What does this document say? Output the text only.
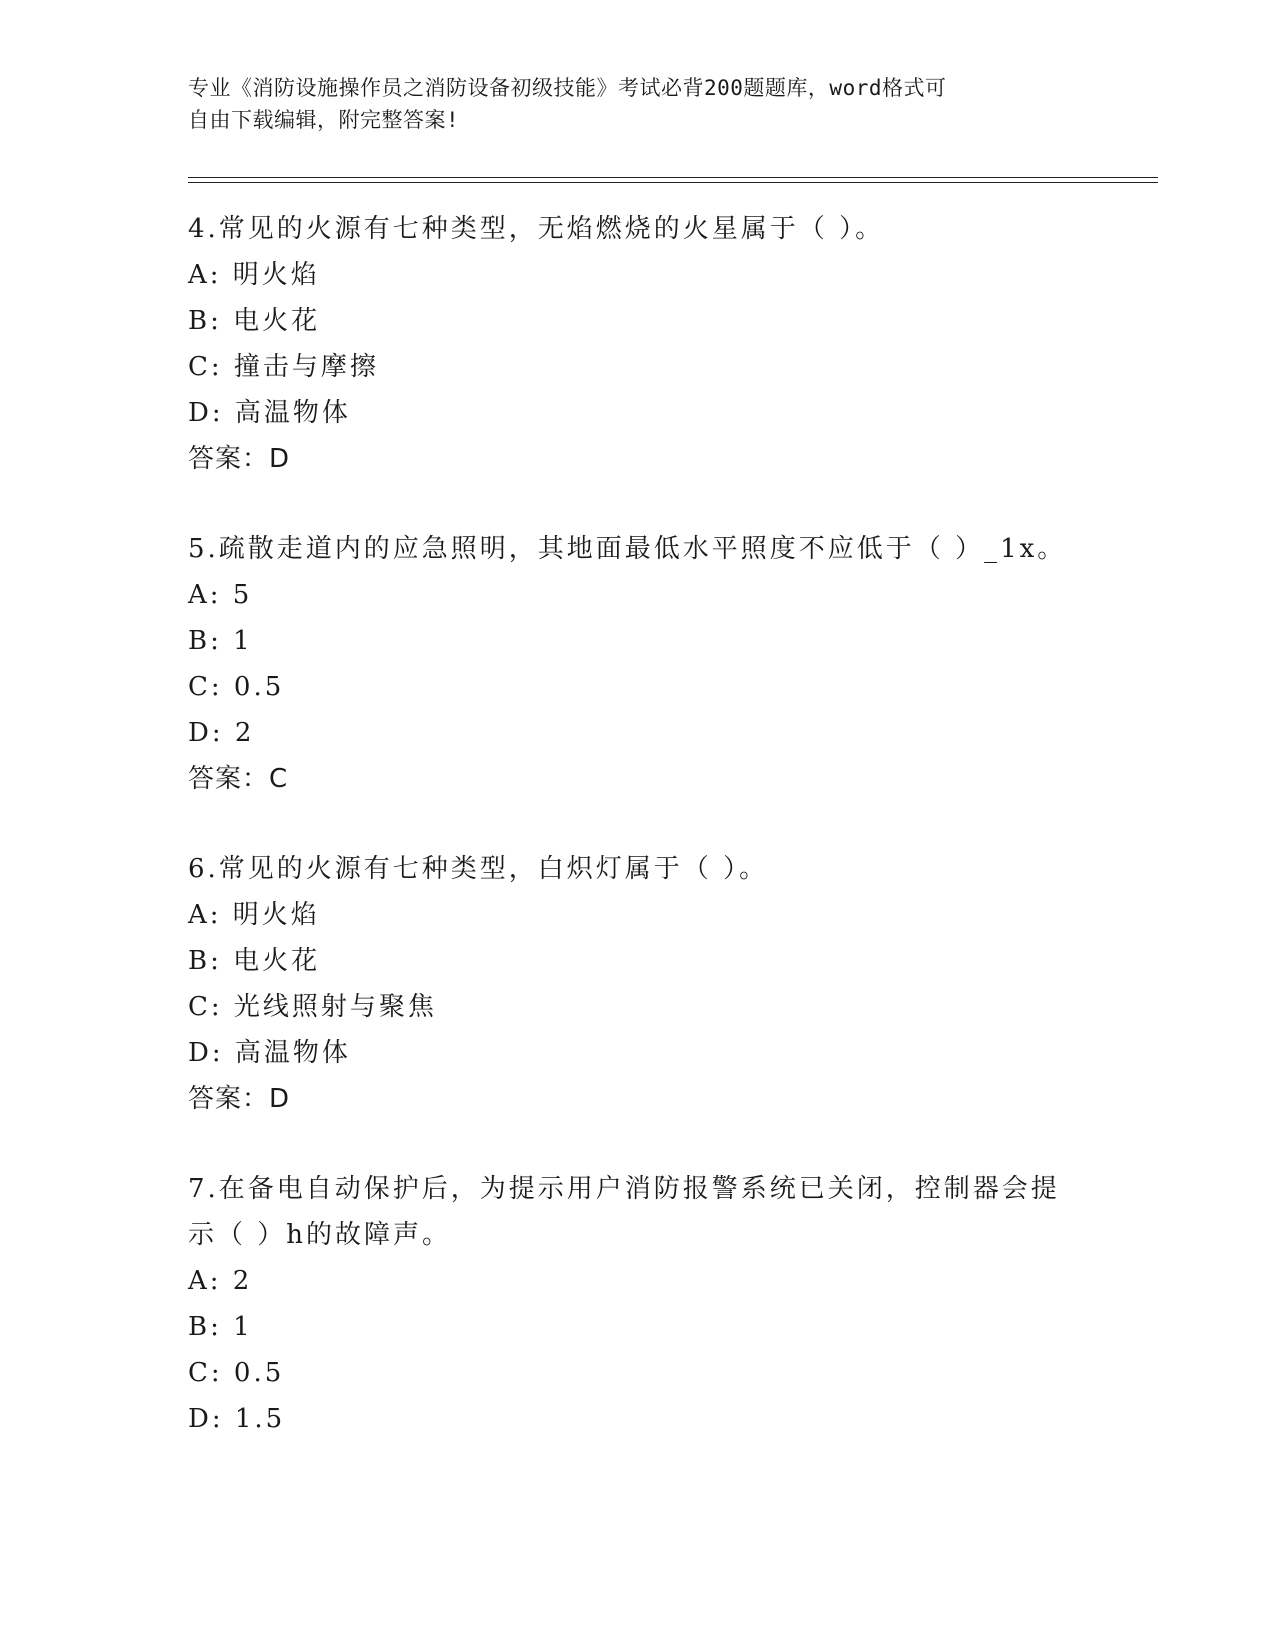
专业《消防设施操作员之消防设备初级技能》考试必背200题题库，word格式可
自由下载编辑，附完整答案!

4.常见的火源有七种类型，无焰燃烧的火星属于（ ）。

A: 明火焰

B: 电火花

C: 撞击与摩擦

D: 高温物体

答案：D

5.疏散走道内的应急照明，其地面最低水平照度不应低于（ ）_1x。

A: 5

B: 1

C: 0.5

D: 2

答案：C

6.常见的火源有七种类型，白炽灯属于（ ）。

A: 明火焰

B: 电火花

C: 光线照射与聚焦

D: 高温物体

答案：D

7.在备电自动保护后，为提示用户消防报警系统已关闭，控制器会提

示（ ）h的故障声。

A: 2

B: 1

C: 0.5

D: 1.5
